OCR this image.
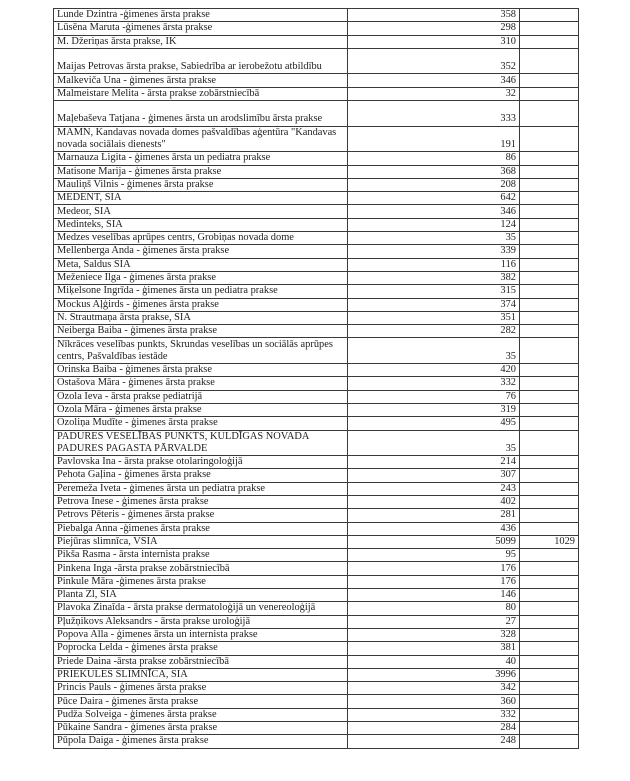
Lunde Dzintra -ģimenes ārsta prakse	358	
Lūsēna Maruta -ģimenes ārsta prakse	298	
M. Džeriņas ārsta prakse, IK	310	
Maijas Petrovas ārsta prakse, Sabiedrība ar ierobežotu atbildību	352	
Malkeviča Una - ģimenes ārsta prakse	346	
Malmeistare Melita - ārsta prakse zobārstniecībā	32	
Maļebaševa Tatjana - ģimenes ārsta un arodslimību ārsta prakse	333	
MAMN, Kandavas novada domes pašvaldības aģentūra "Kandavas novada sociālais dienests"	191	
Marnauza Ligita - ģimenes ārsta un pediatra prakse	86	
Matisone Marija - ģimenes ārsta prakse	368	
Mauliņš Vilnis - ģimenes ārsta prakse	208	
MEDENT, SIA	642	
Medeor, SIA	346	
Medinteks, SIA	124	
Medzes veselības aprūpes centrs, Grobiņas novada dome	35	
Mellenberga Anda - ģimenes ārsta prakse	339	
Meta, Saldus SIA	116	
Meženiece Ilga - ģimenes ārsta prakse	382	
Miķelsone Ingrīda - ģimenes ārsta un pediatra prakse	315	
Mockus Aļģirds - ģimenes ārsta prakse	374	
N. Strautmaņa ārsta prakse, SIA	351	
Neiberga Baiba - ģimenes ārsta prakse	282	
Nīkrāces veselības punkts, Skrundas veselības un sociālās aprūpes centrs, Pašvaldības iestāde	35	
Orinska Baiba - ģimenes ārsta prakse	420	
Ostašova Māra - ģimenes ārsta prakse	332	
Ozola Ieva - ārsta prakse pediatrijā	76	
Ozola Māra - ģimenes ārsta prakse	319	
Ozoliņa Mudīte - ģimenes ārsta prakse	495	
PADURES VESELĪBAS PUNKTS, KULDĪGAS NOVADA PADURES PAGASTA PĀRVALDE	35	
Pavlovska Ina - ārsta prakse otolaringoloģijā	214	
Pehota Gaļina - ģimenes ārsta prakse	307	
Peremeža Iveta - ģimenes ārsta un pediatra prakse	243	
Petrova Inese - ģimenes ārsta prakse	402	
Petrovs Pēteris - ģimenes ārsta prakse	281	
Piebalga Anna -ģimenes ārsta prakse	436	
Piejūras slimnīca, VSIA	5099	1029
Pikša Rasma - ārsta internista prakse	95	
Pinkena Inga -ārsta prakse zobārstniecībā	176	
Pinkule Māra -ģimenes ārsta prakse	176	
Planta Zl, SIA	146	
Plavoka Zinaīda - ārsta prakse dermatoloģijā un venereoloģijā	80	
Pļužņikovs Aleksandrs - ārsta prakse uroloģijā	27	
Popova Alla - ģimenes ārsta un internista prakse	328	
Poprocka Lelda - ģimenes ārsta prakse	381	
Priede Daina -ārsta prakse zobārstniecībā	40	
PRIEKULES SLIMNĪCA, SIA	3996	
Princis Pauls - ģimenes ārsta prakse	342	
Pūce Daira - ģimenes ārsta prakse	360	
Pudža Solveiga - ģimenes ārsta prakse	332	
Pūkaine Sandra - ģimenes ārsta prakse	284	
Pūpola Daiga - ģimenes ārsta prakse	248	
